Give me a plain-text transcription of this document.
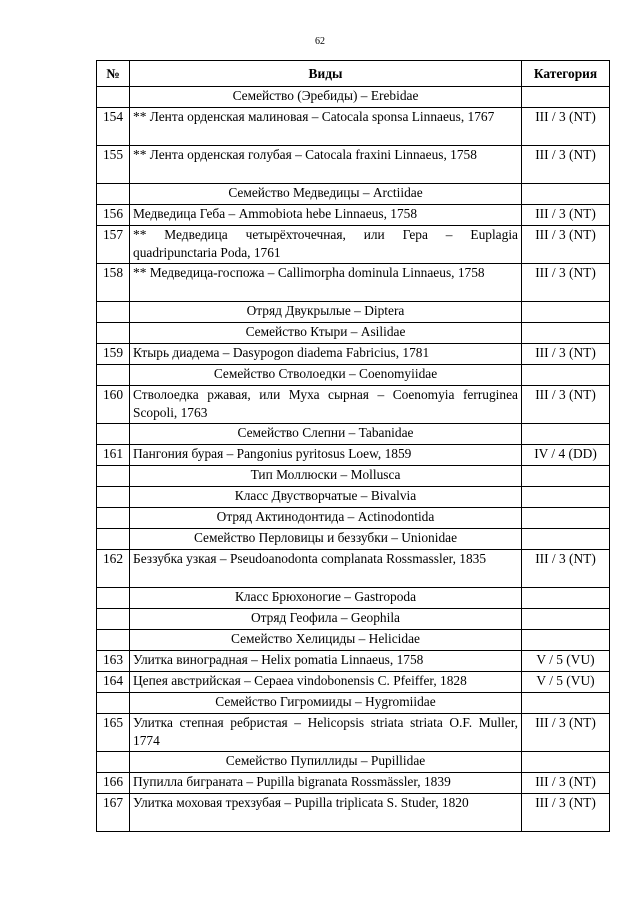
62
№	Виды	Категория
	Семейство (Эребиды) – Erebidae	
154	** Лента орденская малиновая – Catocala sponsa Linnaeus, 1767	III / 3 (NT)
155	** Лента орденская голубая – Catocala fraxini Linnaeus, 1758	III / 3 (NT)
	Семейство Медведицы – Arctiidae	
156	Медведица Геба – Ammobiota hebe Linnaeus, 1758	III / 3 (NT)
157	** Медведица четырёхточечная, или Гера – Euplagia quadripunctaria Poda, 1761	III / 3 (NT)
158	** Медведица-госпожа – Callimorpha dominula Linnaeus, 1758	III / 3 (NT)
	Отряд Двукрылые – Diptera	
	Семейство Ктыри – Asilidae	
159	Ктырь диадема – Dasypogon diadema Fabricius, 1781	III / 3 (NT)
	Семейство Стволоедки – Coenomyiidae	
160	Стволоедка ржавая, или Муха сырная – Coenomyia ferruginea Scopoli, 1763	III / 3 (NT)
	Семейство Слепни – Tabanidae	
161	Пангония бурая – Pangonius pyritosus Loew, 1859	IV / 4 (DD)
	Тип Моллюски – Mollusca	
	Класс Двустворчатые – Bivalvia	
	Отряд Актинодонтида – Actinodontida	
	Семейство Перловицы и беззубки – Unionidae	
162	Беззубка узкая – Pseudoanodonta complanata Rossmassler, 1835	III / 3 (NT)
	Класс Брюхоногие – Gastropoda	
	Отряд Геофила – Geophila	
	Семейство Хелициды – Helicidae	
163	Улитка виноградная – Helix pomatia Linnaeus, 1758	V / 5 (VU)
164	Цепея австрийская – Cepaea vindobonensis C. Pfeiffer, 1828	V / 5 (VU)
	Семейство Гигромииды – Hygromiidae	
165	Улитка степная ребристая – Helicopsis striata striata O.F. Muller, 1774	III / 3 (NT)
	Семейство Пупиллиды – Pupillidae	
166	Пупилла бигранатa – Pupilla bigranata Rossmässler, 1839	III / 3 (NT)
167	Улитка моховая трехзубая – Pupilla triplicata S. Studer, 1820	III / 3 (NT)
